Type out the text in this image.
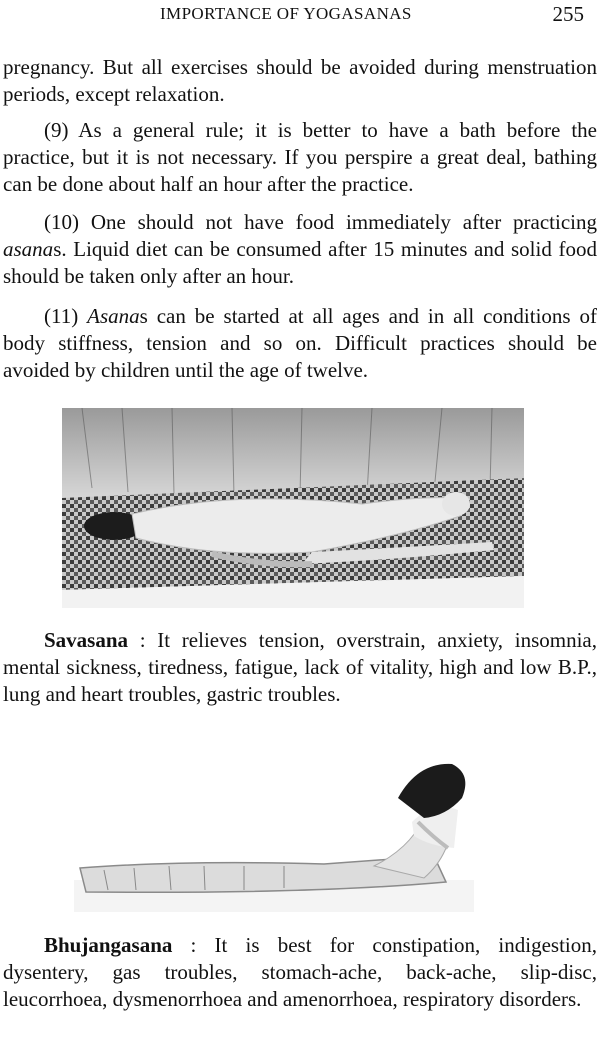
IMPORTANCE OF YOGASANAS	255

pregnancy. But all exercises should be avoided during menstruation periods, except relaxation.

(9) As a general rule; it is better to have a bath before the practice, but it is not necessary. If you perspire a great deal, bathing can be done about half an hour after the practice.

(10) One should not have food immediately after practicing asanas. Liquid diet can be consumed after 15 minutes and solid food should be taken only after an hour.

(11) Asanas can be started at all ages and in all conditions of body stiffness, tension and so on. Difficult practices should be avoided by children until the age of twelve.

Savasana : It relieves tension, overstrain, anxiety, insomnia, mental sickness, tiredness, fatigue, lack of vitality, high and low B.P., lung and heart troubles, gastric troubles.

Bhujangasana : It is best for constipation, indigestion, dysentery, gas troubles, stomach-ache, back-ache, slip-disc, leucorrhoea, dysmenorrhoea and amenorrhoea, respiratory disorders.
